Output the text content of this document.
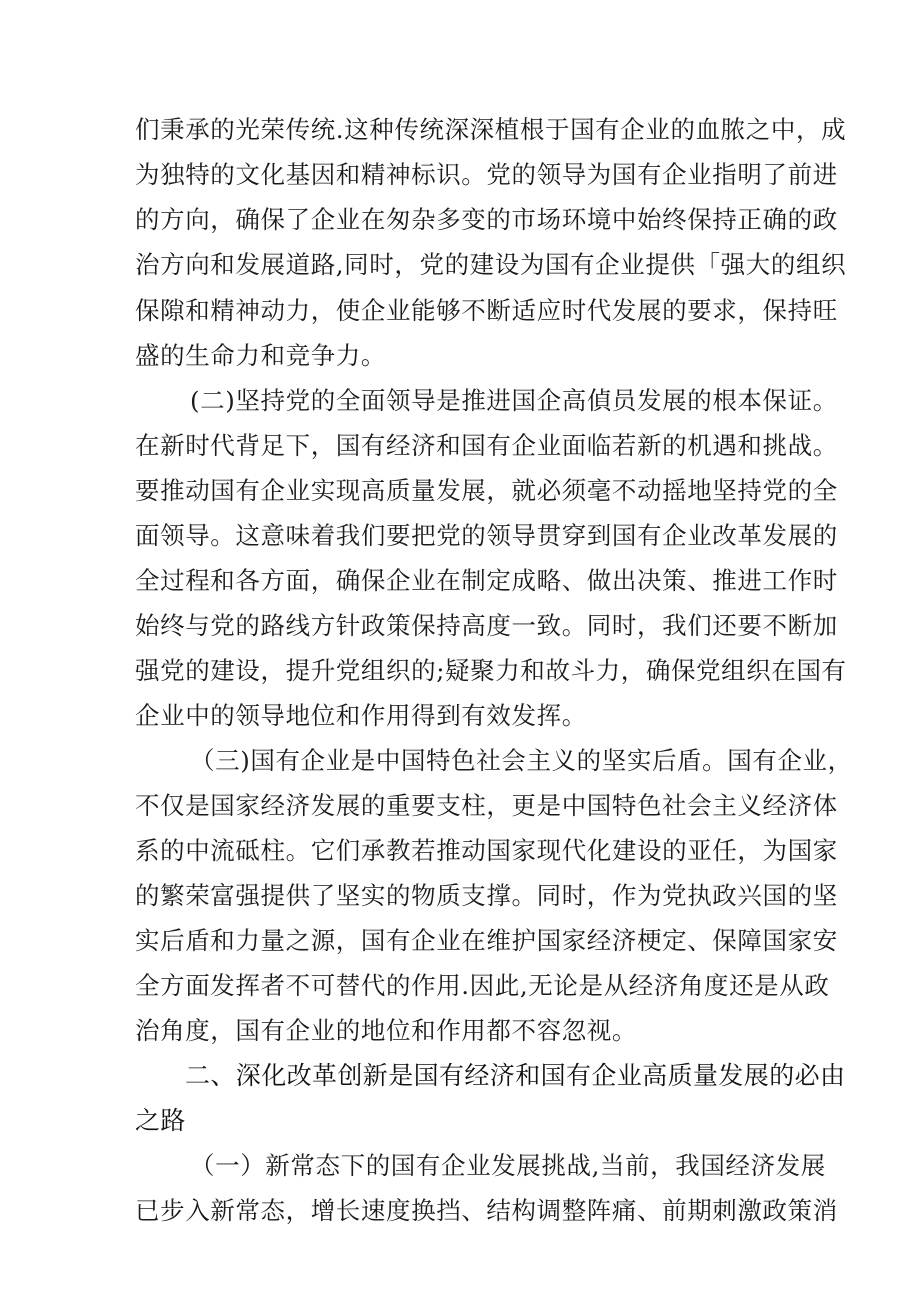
们秉承的光荣传统.这种传统深深植根于国有企业的血脓之中，成
为独特的文化基因和精神标识。党的领导为国有企业指明了前进
的方向，确保了企业在匆杂多变的市场环境中始终保持正确的政
治方向和发展道路,同时，党的建设为国有企业提供「强大的组织
保隙和精神动力，使企业能够不断适应时代发展的要求，保持旺
盛的生命力和竞争力。
(二)坚持党的全面领导是推进国企高偵员发展的根本保证。
在新时代背足下，国有经济和国有企业面临若新的机遇和挑战。
要推动国有企业实现高质量发展，就必须毫不动摇地坚持党的全
面领导。这意味着我们要把党的领导贯穿到国有企业改革发展的
全过程和各方面，确保企业在制定成略、做出决策、推进工作时
始终与党的路线方针政策保持高度一致。同时，我们还要不断加
强党的建设，提升党组织的;疑聚力和故斗力，确保党组织在国有
企业中的领导地位和作用得到有效发挥。
（三)国有企业是中国特色社会主义的坚实后盾。国有企业，
不仅是国家经济发展的重要支柱，更是中国特色社会主义经济体
系的中流砥柱。它们承教若推动国家现代化建设的亚任，为国家
的繁荣富强提供了坚实的物质支撑。同时，作为党执政兴国的坚
实后盾和力量之源，国有企业在维护国家经济梗定、保障国家安
全方面发挥者不可替代的作用.因此,无论是从经济角度还是从政
治角度，国有企业的地位和作用都不容忽视。
二、深化改革创新是国有经济和国有企业高质量发展的必由
之路
（一）新常态下的国有企业发展挑战,当前，我国经济发展
已步入新常态，增长速度换挡、结构调整阵痛、前期刺激政策消
